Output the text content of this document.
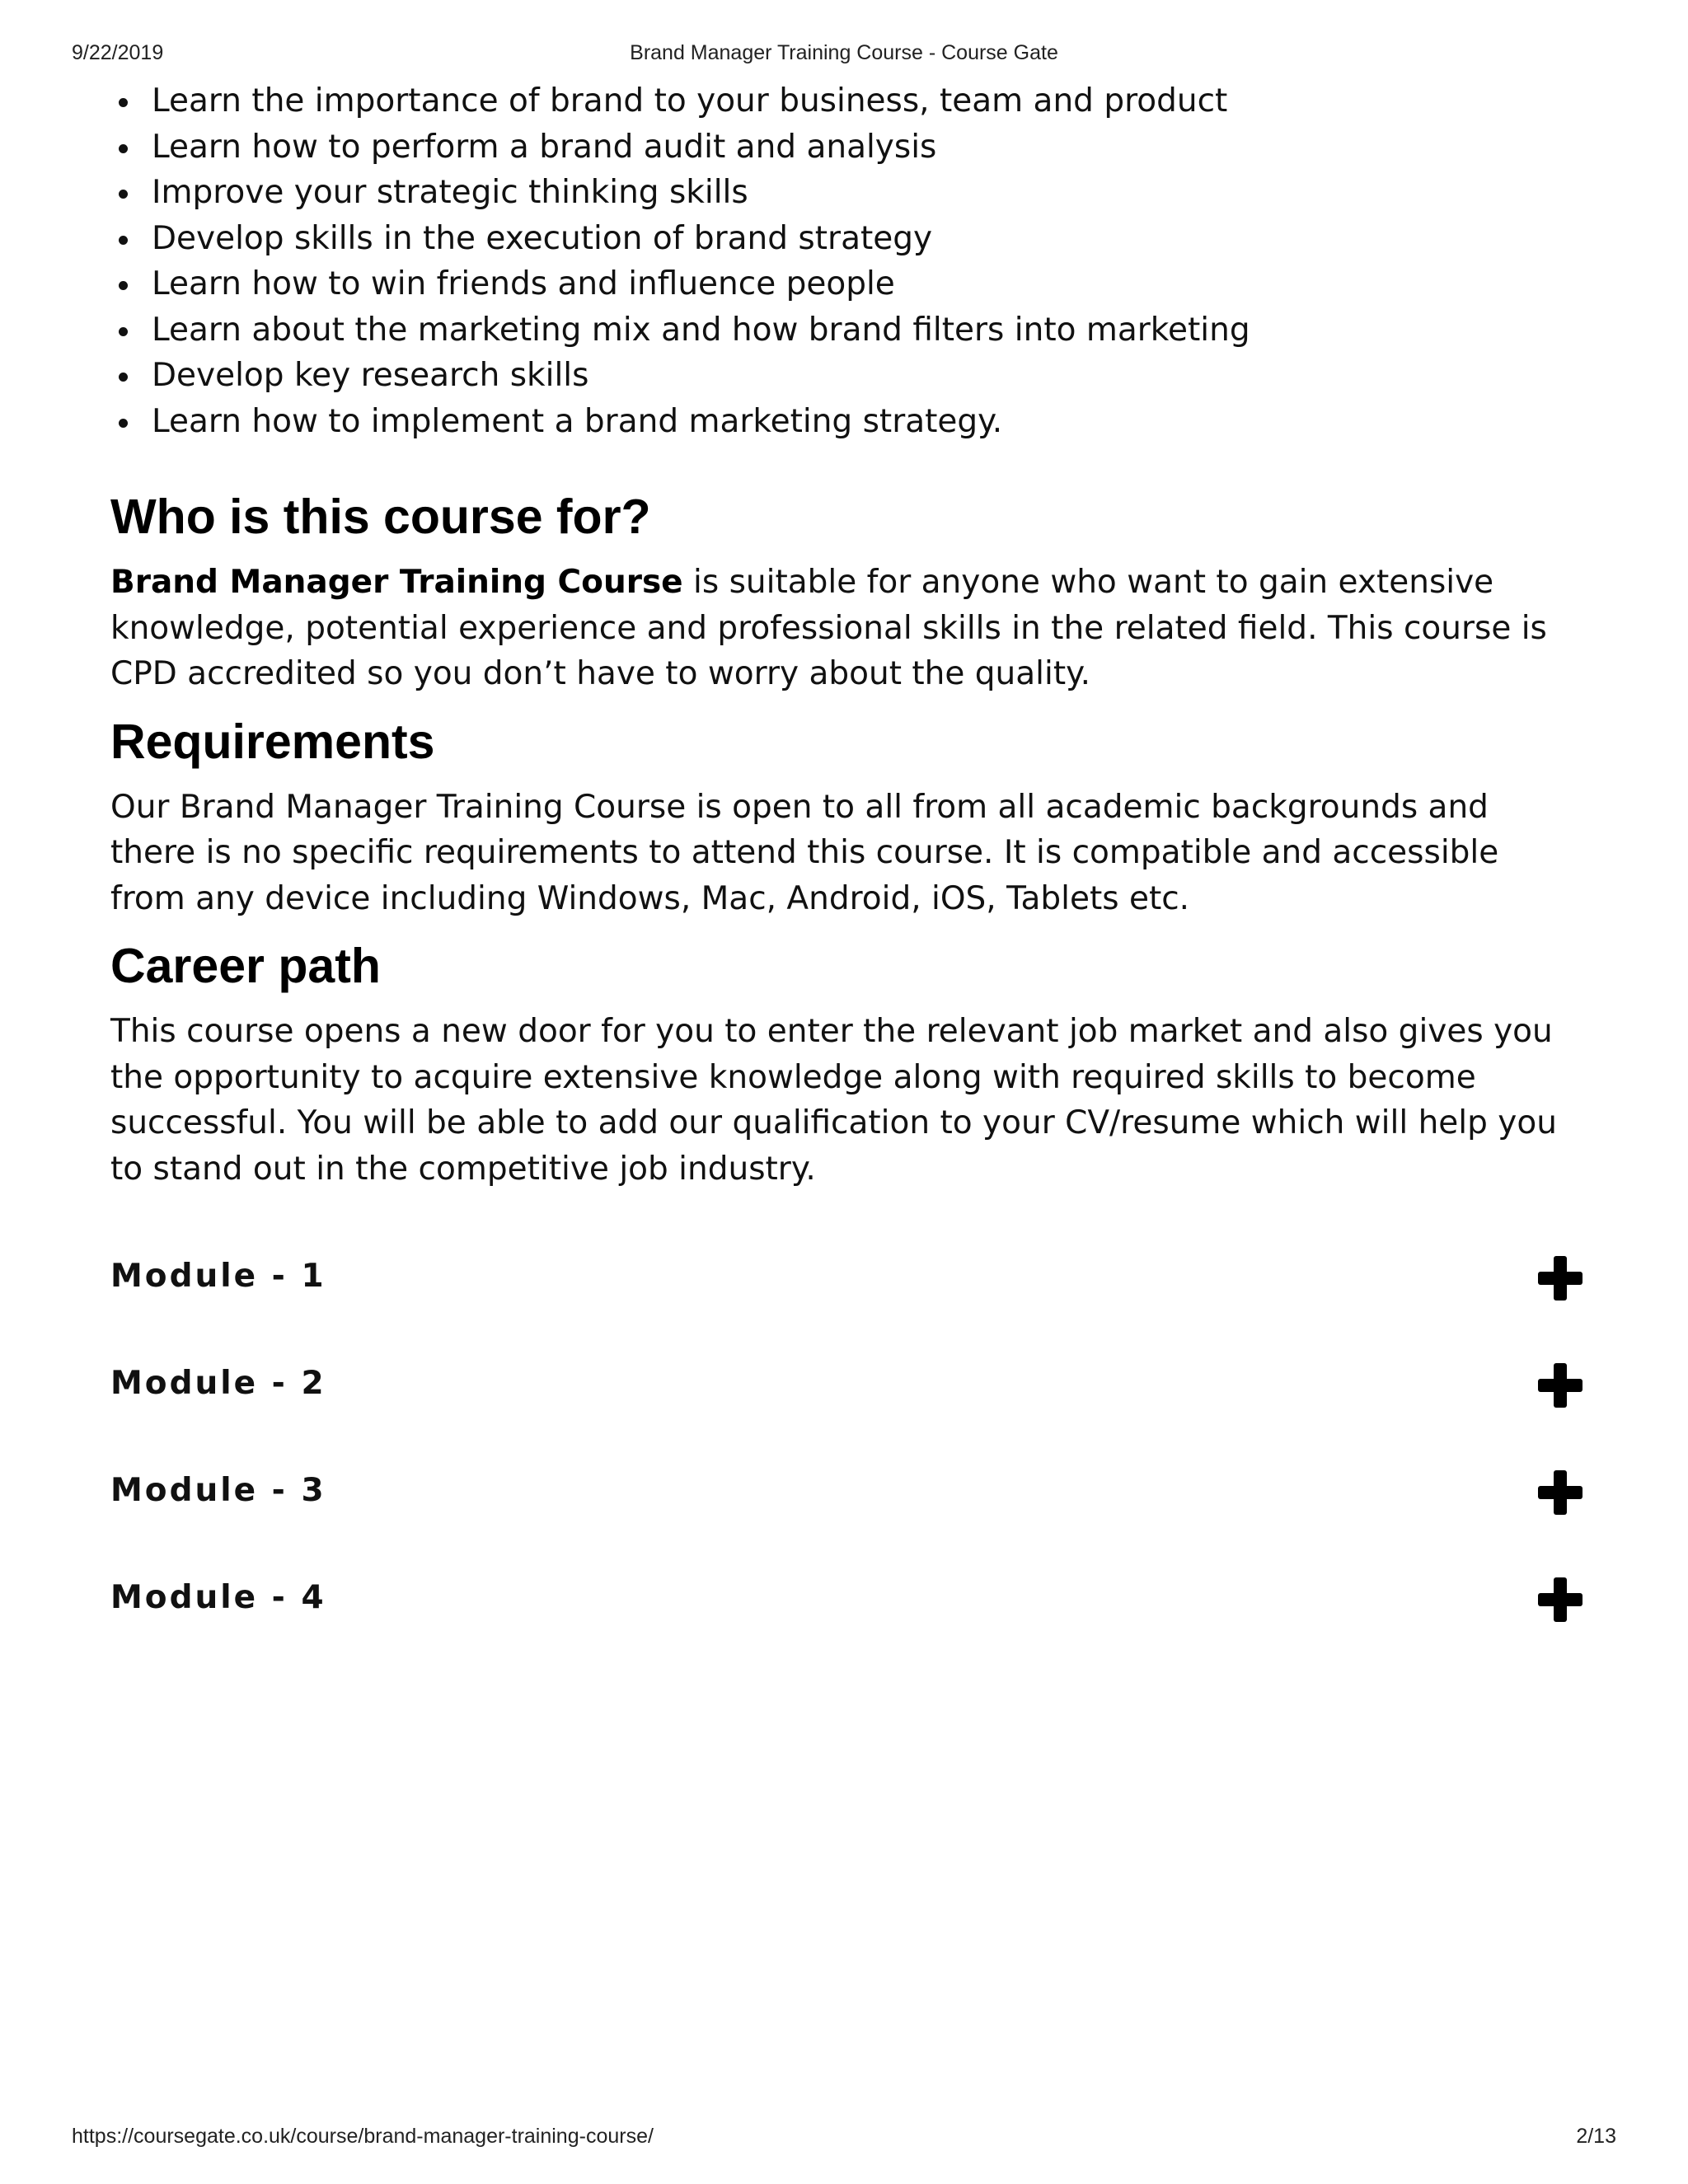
9/22/2019	Brand Manager Training Course - Course Gate
Learn the importance of brand to your business, team and product
Learn how to perform a brand audit and analysis
Improve your strategic thinking skills
Develop skills in the execution of brand strategy
Learn how to win friends and influence people
Learn about the marketing mix and how brand filters into marketing
Develop key research skills
Learn how to implement a brand marketing strategy.
Who is this course for?

Brand Manager Training Course is suitable for anyone who want to gain extensive knowledge, potential experience and professional skills in the related field. This course is CPD accredited so you don’t have to worry about the quality.

Requirements

Our Brand Manager Training Course is open to all from all academic backgrounds and there is no specific requirements to attend this course. It is compatible and accessible from any device including Windows, Mac, Android, iOS, Tablets etc.

Career path

This course opens a new door for you to enter the relevant job market and also gives you the opportunity to acquire extensive knowledge along with required skills to become successful. You will be able to add our qualification to your CV/resume which will help you to stand out in the competitive job industry.

Module - 1
Module - 2
Module - 3
Module - 4
https://coursegate.co.uk/course/brand-manager-training-course/	2/13
